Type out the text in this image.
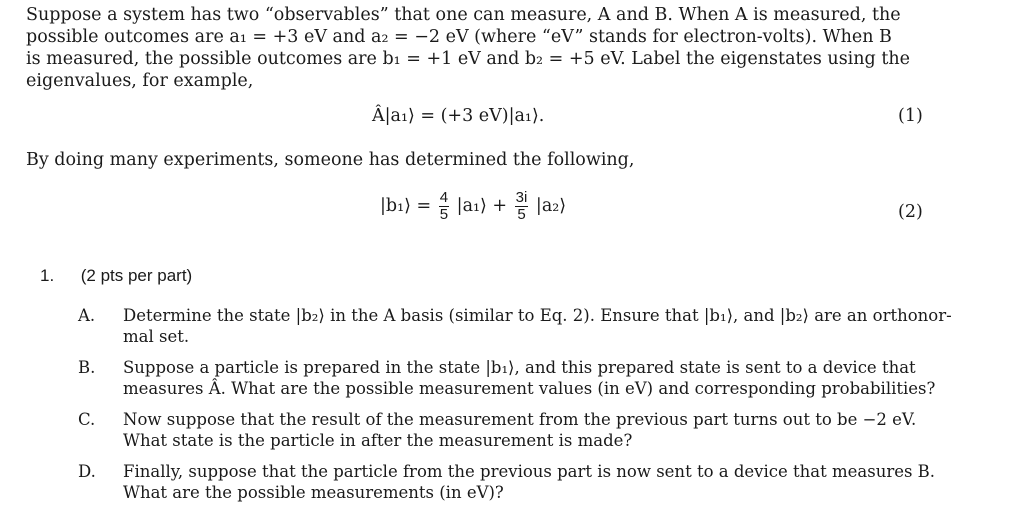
Suppose a system has two “observables” that one can measure, A and B. When A is measured, the
possible outcomes are a₁ = +3 eV and a₂ = −2 eV (where “eV” stands for electron-volts). When B
is measured, the possible outcomes are b₁ = +1 eV and b₂ = +5 eV. Label the eigenstates using the
eigenvalues, for example,
Â|a₁⟩ = (+3 eV)|a₁⟩.	(1)
By doing many experiments, someone has determined the following,
|b₁⟩ = $\frac{4}{5}$ |a₁⟩ + $\frac{3i}{5}$ |a₂⟩	(2)
1. (2 pts per part)
A.	Determine the state |b₂⟩ in the A basis (similar to Eq. 2). Ensure that |b₁⟩, and |b₂⟩ are an orthonor-
mal set.
B.	Suppose a particle is prepared in the state |b₁⟩, and this prepared state is sent to a device that
measures Â. What are the possible measurement values (in eV) and corresponding probabilities?
C.	Now suppose that the result of the measurement from the previous part turns out to be −2 eV.
What state is the particle in after the measurement is made?
D.	Finally, suppose that the particle from the previous part is now sent to a device that measures B.
What are the possible measurements (in eV)?
